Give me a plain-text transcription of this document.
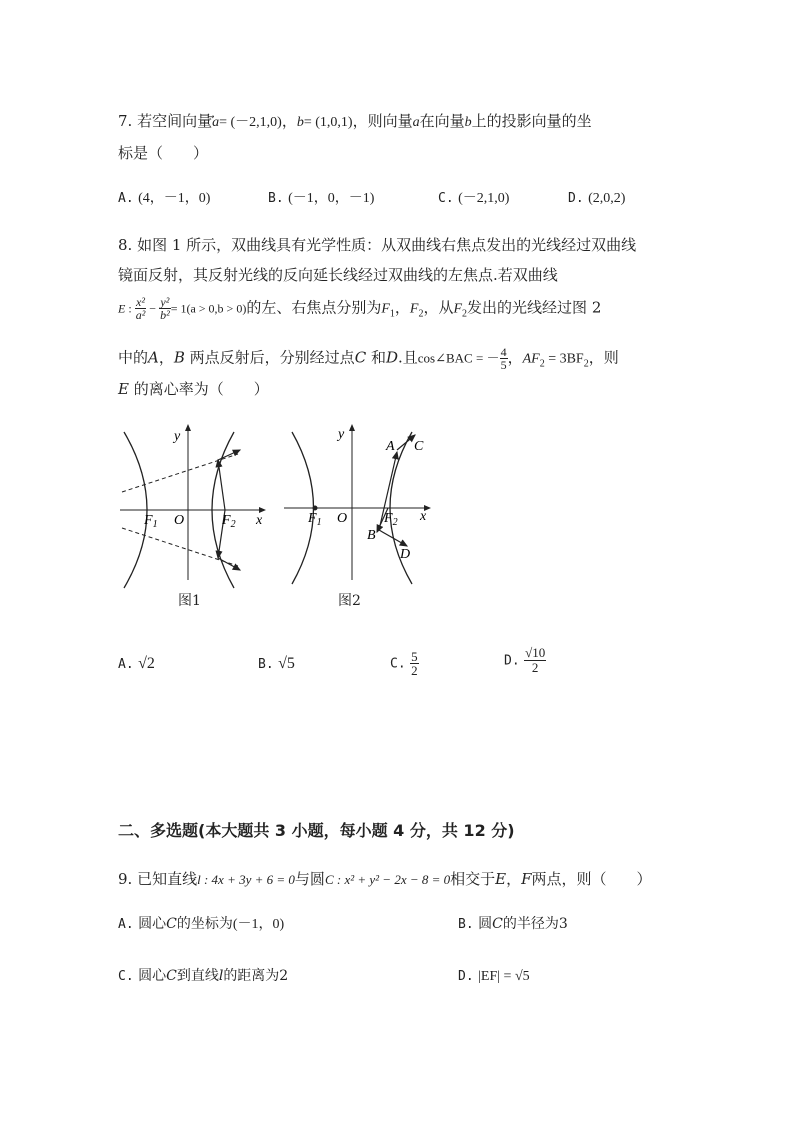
7. 若空间向量a= (－2,1,0)，b= (1,0,1)，则向量a在向量b上的投影向量的坐
标是（　　）
A. (4，－1，0)	B. (－1，0，－1)	C. (－2,1,0)	D. (2,0,2)
8. 如图 1 所示，双曲线具有光学性质：从双曲线右焦点发出的光线经过双曲线
镜面反射，其反射光线的反向延长线经过双曲线的左焦点.若双曲线
E : $\frac{\text{x²}}{\text{a²}} - \frac{\text{y²}}{\text{b²}} = 1(a > 0,b > 0)$的左、右焦点分别为$F_1$，$F_2$，从$F_2$发出的光线经过图 2
中的A，B 两点反射后，分别经过点C 和D.且cos∠BAC = － $\frac{4}{5}$ ，$AF_2 = 3BF_2$，则
E 的离心率为（　　）
y
x
O
$F_1$	$F_2$
图1
y
x
O
$F_1$	$F_2$
A C
B
D
图2
A. √2	B. √5	C. $\frac{5}{2}$	D. $\frac{√10}{2}$
二、多选题(本大题共 3 小题，每小题 4 分，共 12 分)
9. 已知直线l : 4x + 3y + 6 = 0与圆C : x² + y² − 2x − 8 = 0相交于E，F两点，则（　　）
A. 圆心C的坐标为(－1，0)	B. 圆C的半径为3
C. 圆心C到直线l的距离为2	D. |EF| = √5
